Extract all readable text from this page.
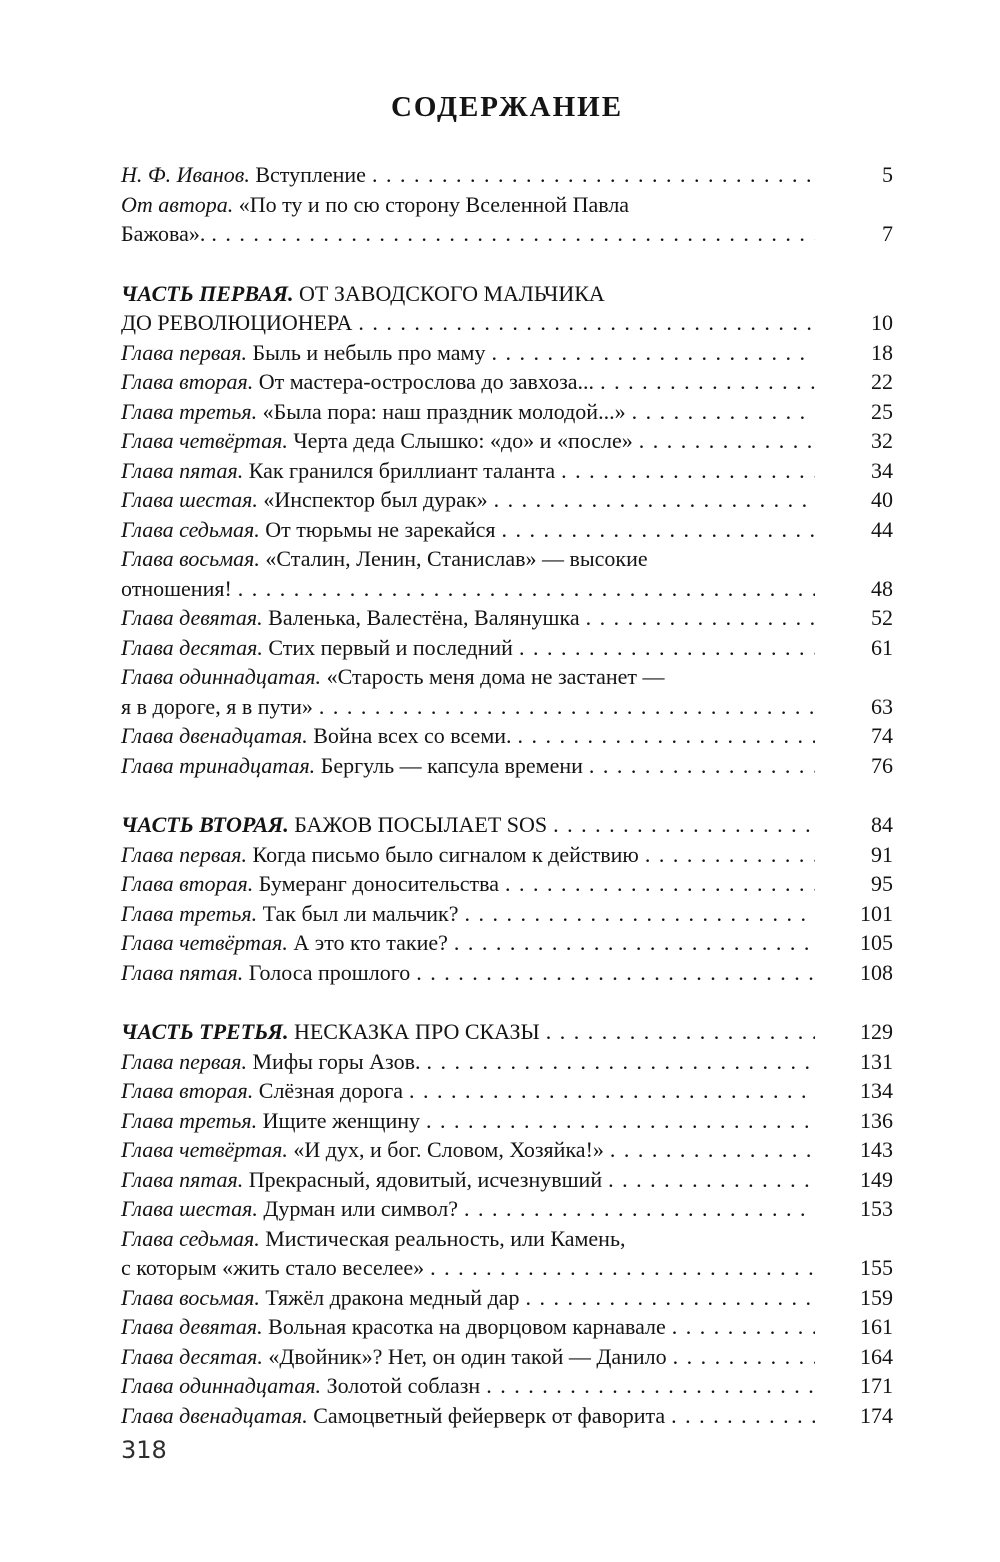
СОДЕРЖАНИЕ
Н. Ф. Иванов. Вступление .....	5
От автора. «По ту и по сю сторону Вселенной Павла
Бажова». .....	7
ЧАСТЬ ПЕРВАЯ. ОТ ЗАВОДСКОГО МАЛЬЧИКА
ДО РЕВОЛЮЦИОНЕРА .....	10
Глава первая. Быль и небыль про маму .....	18
Глава вторая. От мастера-острослова до завхоза... .....	22
Глава третья. «Была пора: наш праздник молодой...» .....	25
Глава четвёртая. Черта деда Слышко: «до» и «после» .....	32
Глава пятая. Как гранился бриллиант таланта .....	34
Глава шестая. «Инспектор был дурак» .....	40
Глава седьмая. От тюрьмы не зарекайся .....	44
Глава восьмая. «Сталин, Ленин, Станислав» — высокие
отношения! .....	48
Глава девятая. Валенька, Валестёна, Валянушка .....	52
Глава десятая. Стих первый и последний .....	61
Глава одиннадцатая. «Старость меня дома не застанет —
я в дороге, я в пути» .....	63
Глава двенадцатая. Война всех со всеми. .....	74
Глава тринадцатая. Бергуль — капсула времени .....	76
ЧАСТЬ ВТОРАЯ. БАЖОВ ПОСЫЛАЕТ SOS .....	84
Глава первая. Когда письмо было сигналом к действию .....	91
Глава вторая. Бумеранг доносительства .....	95
Глава третья. Так был ли мальчик? .....	101
Глава четвёртая. А это кто такие? .....	105
Глава пятая. Голоса прошлого .....	108
ЧАСТЬ ТРЕТЬЯ. НЕСКАЗКА ПРО СКАЗЫ .....	129
Глава первая. Мифы горы Азов. .....	131
Глава вторая. Слёзная дорога .....	134
Глава третья. Ищите женщину .....	136
Глава четвёртая. «И дух, и бог. Словом, Хозяйка!» .....	143
Глава пятая. Прекрасный, ядовитый, исчезнувший .....	149
Глава шестая. Дурман или символ? .....	153
Глава седьмая. Мистическая реальность, или Камень,
с которым «жить стало веселее» .....	155
Глава восьмая. Тяжёл дракона медный дар .....	159
Глава девятая. Вольная красотка на дворцовом карнавале .....	161
Глава десятая. «Двойник»? Нет, он один такой — Данило .....	164
Глава одиннадцатая. Золотой соблазн .....	171
Глава двенадцатая. Самоцветный фейерверк от фаворита .....	174
318
